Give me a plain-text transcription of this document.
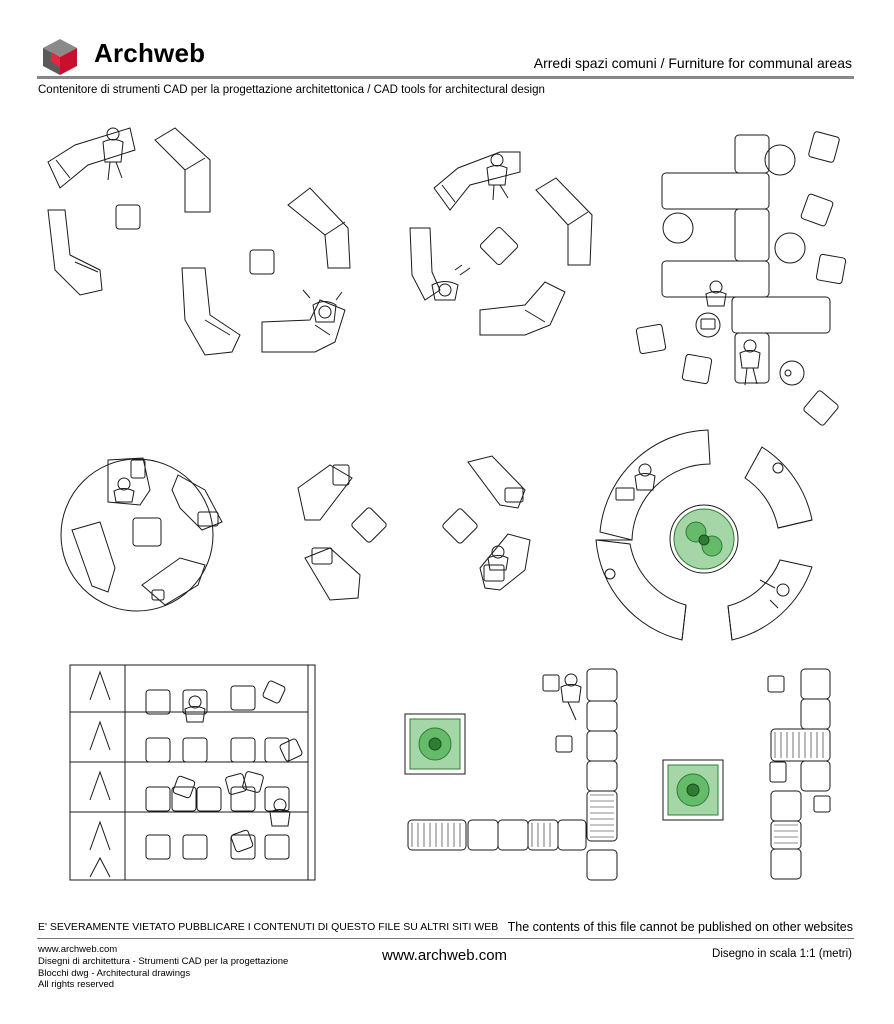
Archweb	Arredi spazi comuni / Furniture for communal areas
Contenitore di strumenti CAD per la progettazione architettonica / CAD tools for architectural design
E' SEVERAMENTE VIETATO PUBBLICARE I CONTENUTI DI QUESTO FILE SU ALTRI SITI WEB The contents of this file cannot be published on other websites
www.archweb.com
Disegni di architettura - Strumenti CAD per la progettazione
Blocchi dwg - Architectural drawings
All rights reserved
www.archweb.com	Disegno in scala 1:1 (metri)
